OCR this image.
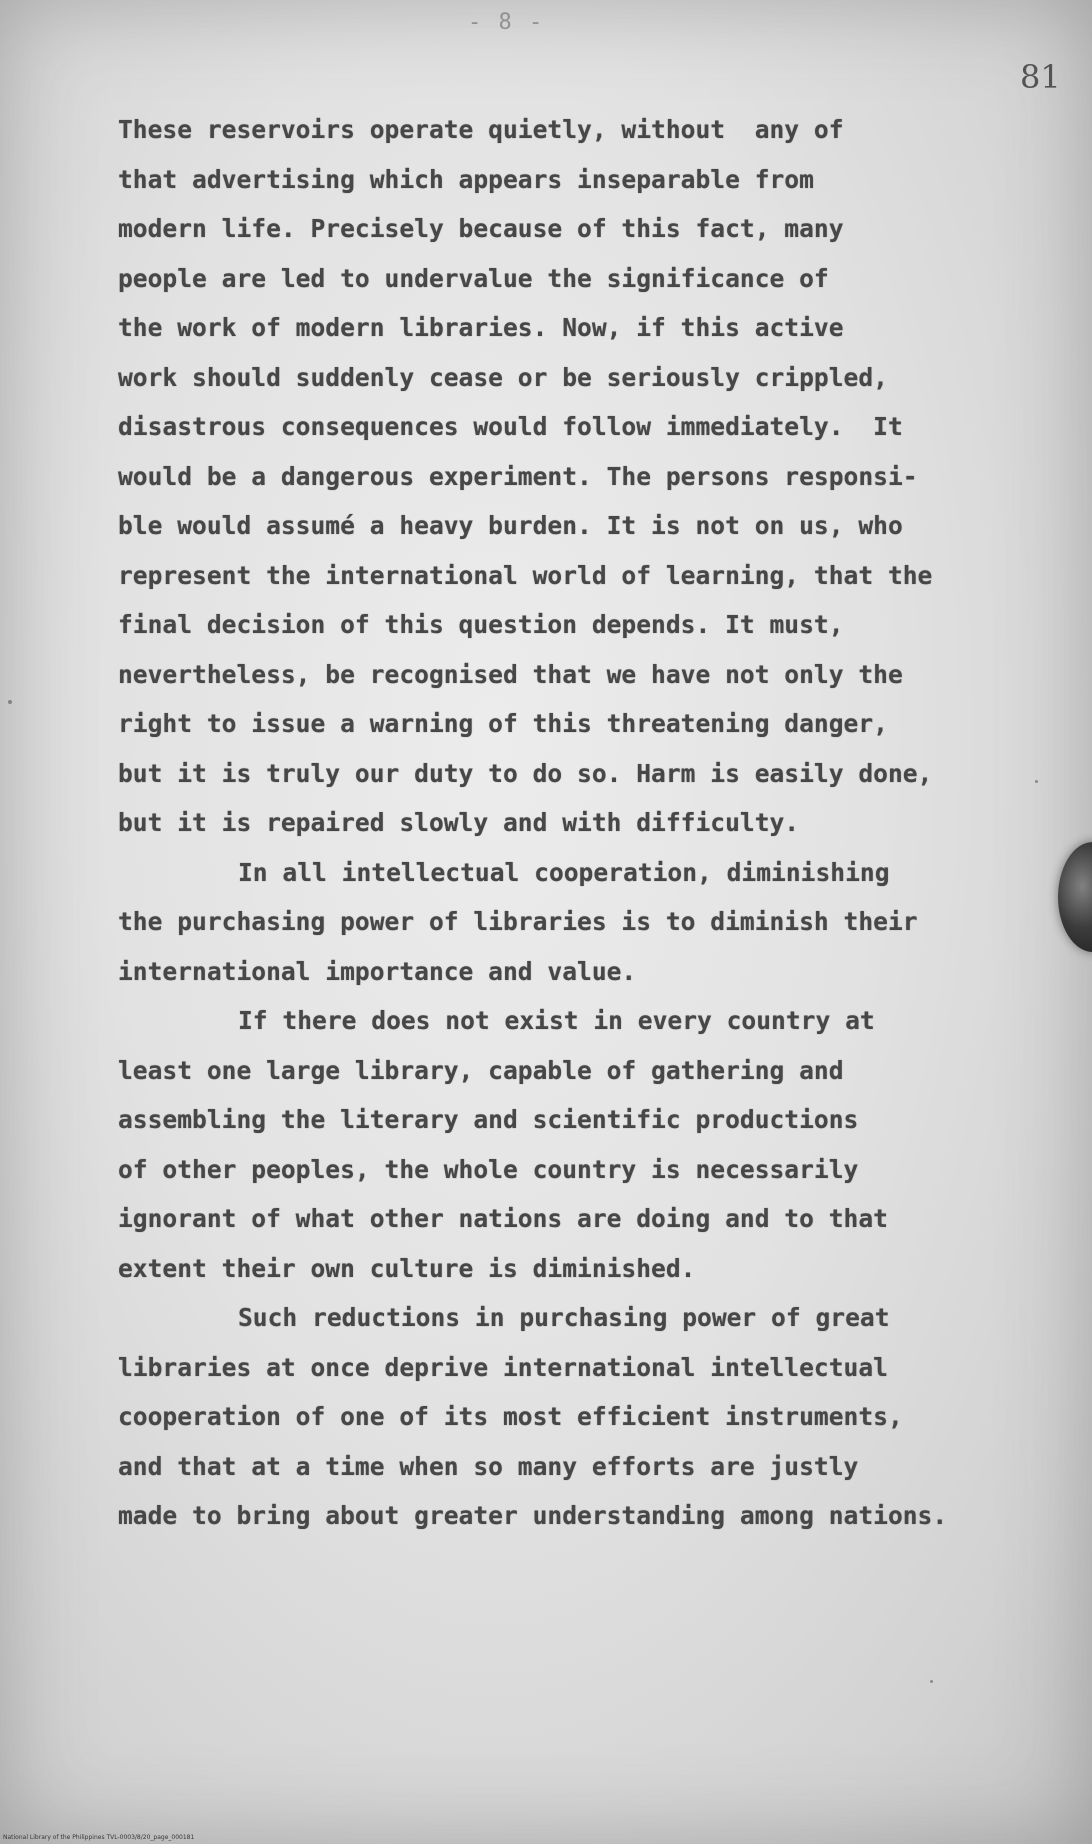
- 8 -
81
These reservoirs operate quietly, without  any of
that advertising which appears inseparable from
modern life. Precisely because of this fact, many
people are led to undervalue the significance of
the work of modern libraries. Now, if this active
work should suddenly cease or be seriously crippled,
disastrous consequences would follow immediately.  It
would be a dangerous experiment. The persons responsi-
ble would assumé a heavy burden. It is not on us, who
represent the international world of learning, that the
final decision of this question depends. It must,
nevertheless, be recognised that we have not only the
right to issue a warning of this threatening danger,
but it is truly our duty to do so. Harm is easily done,
but it is repaired slowly and with difficulty.
In all intellectual cooperation, diminishing
the purchasing power of libraries is to diminish their
international importance and value.
If there does not exist in every country at
least one large library, capable of gathering and
assembling the literary and scientific productions
of other peoples, the whole country is necessarily
ignorant of what other nations are doing and to that
extent their own culture is diminished.
Such reductions in purchasing power of great
libraries at once deprive international intellectual
cooperation of one of its most efficient instruments,
and that at a time when so many efforts are justly
made to bring about greater understanding among nations.
National Library of the Philippines TVL-0003/8/20_page_000181
